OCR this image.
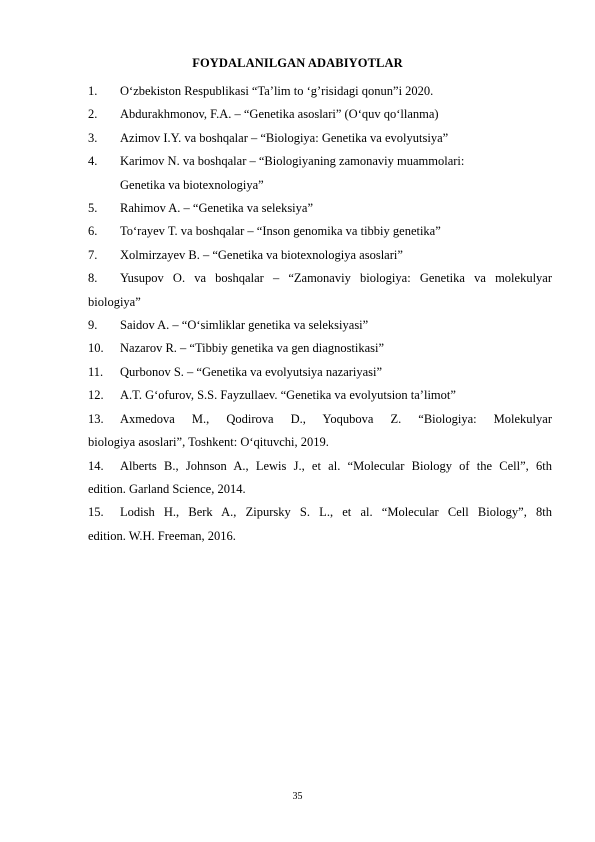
FOYDALANILGAN ADABIYOTLAR
1. O‘zbekiston Respublikasi “Ta’lim to ‘g’risidagi qonun”i 2020.
2. Abdurakhmonov, F.A. – “Genetika asoslari” (O‘quv qo‘llanma)
3. Azimov I.Y. va boshqalar – “Biologiya: Genetika va evolyutsiya”
4. Karimov N. va boshqalar – “Biologiyaning zamonaviy muammolari:
Genetika va biotexnologiya”
5. Rahimov A. – “Genetika va seleksiya”
6. To‘rayev T. va boshqalar – “Inson genomika va tibbiy genetika”
7. Xolmirzayev B. – “Genetika va biotexnologiya asoslari”
8. Yusupov O. va boshqalar – “Zamonaviy biologiya: Genetika va molekulyar
biologiya”
9. Saidov A. – “O‘simliklar genetika va seleksiyasi”
10. Nazarov R. – “Tibbiy genetika va gen diagnostikasi”
11. Qurbonov S. – “Genetika va evolyutsiya nazariyasi”
12. A.T. G‘ofurov, S.S. Fayzullaev. “Genetika va evolyutsion ta’limot”
13. Axmedova M., Qodirova D., Yoqubova Z. “Biologiya: Molekulyar
biologiya asoslari”, Toshkent: O‘qituvchi, 2019.
14. Alberts B., Johnson A., Lewis J., et al. “Molecular Biology of the Cell”, 6th
edition. Garland Science, 2014.
15. Lodish H., Berk A., Zipursky S. L., et al. “Molecular Cell Biology”, 8th
edition. W.H. Freeman, 2016.
35
